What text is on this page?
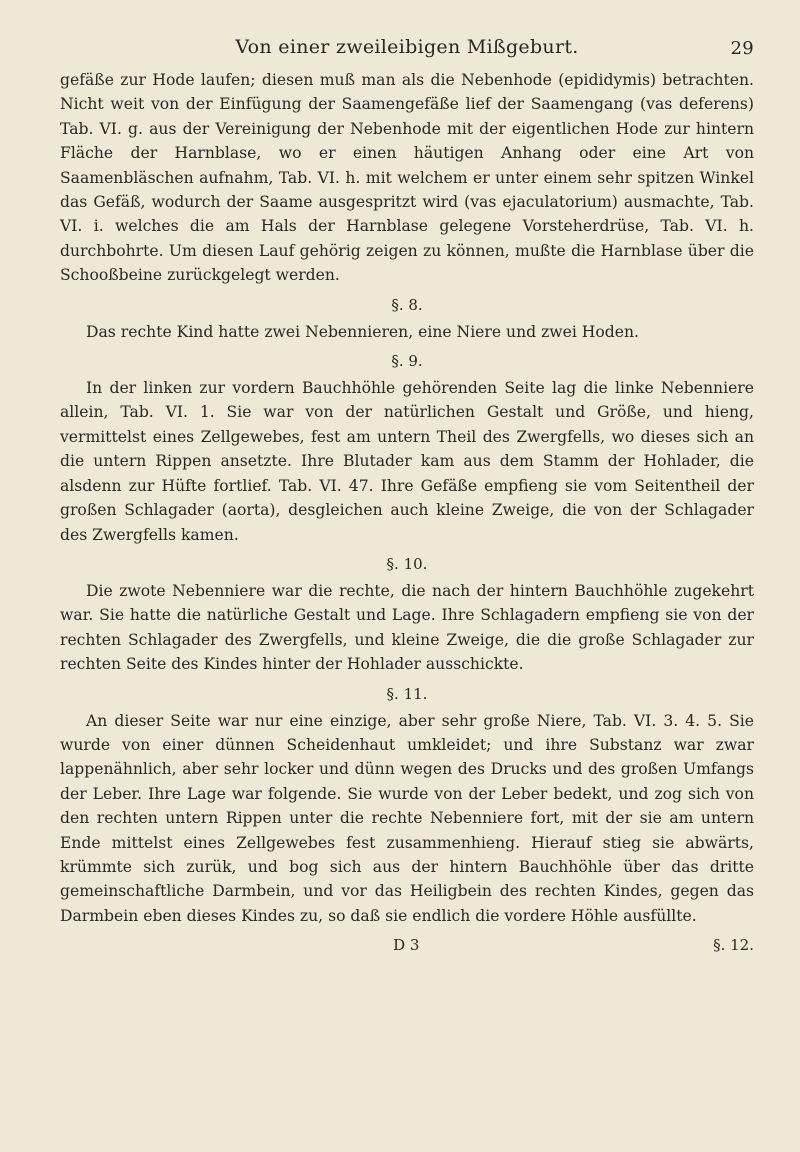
Von einer zweileibigen Mißgeburt.	29

gefäße zur Hode laufen; diesen muß man als die Nebenhode (epididymis) betrachten. Nicht weit von der Einfügung der Saamengefäße lief der Saamengang (vas deferens) Tab. VI. g. aus der Vereinigung der Nebenhode mit der eigentlichen Hode zur hintern Fläche der Harnblase, wo er einen häutigen Anhang oder eine Art von Saamenbläschen aufnahm, Tab. VI. h. mit welchem er unter einem sehr spitzen Winkel das Gefäß, wodurch der Saame ausgespritzt wird (vas ejaculatorium) ausmachte, Tab. VI. i. welches die am Hals der Harnblase gelegene Vorsteherdrüse, Tab. VI. h. durchbohrte. Um diesen Lauf gehörig zeigen zu können, mußte die Harnblase über die Schooßbeine zurückgelegt werden.

§. 8.

Das rechte Kind hatte zwei Nebennieren, eine Niere und zwei Hoden.

§. 9.

In der linken zur vordern Bauchhöhle gehörenden Seite lag die linke Nebenniere allein, Tab. VI. 1. Sie war von der natürlichen Gestalt und Größe, und hieng, vermittelst eines Zellgewebes, fest am untern Theil des Zwergfells, wo dieses sich an die untern Rippen ansetzte. Ihre Blutader kam aus dem Stamm der Hohlader, die alsdenn zur Hüfte fortlief. Tab. VI. 47. Ihre Gefäße empfieng sie vom Seitentheil der großen Schlagader (aorta), desgleichen auch kleine Zweige, die von der Schlagader des Zwergfells kamen.

§. 10.

Die zwote Nebenniere war die rechte, die nach der hintern Bauchhöhle zugekehrt war. Sie hatte die natürliche Gestalt und Lage. Ihre Schlagadern empfieng sie von der rechten Schlagader des Zwergfells, und kleine Zweige, die die große Schlagader zur rechten Seite des Kindes hinter der Hohlader ausschickte.

§. 11.

An dieser Seite war nur eine einzige, aber sehr große Niere, Tab. VI. 3. 4. 5. Sie wurde von einer dünnen Scheidenhaut umkleidet; und ihre Substanz war zwar lappenähnlich, aber sehr locker und dünn wegen des Drucks und des großen Umfangs der Leber. Ihre Lage war folgende. Sie wurde von der Leber bedekt, und zog sich von den rechten untern Rippen unter die rechte Nebenniere fort, mit der sie am untern Ende mittelst eines Zellgewebes fest zusammenhieng. Hierauf stieg sie abwärts, krümmte sich zurük, und bog sich aus der hintern Bauchhöhle über das dritte gemeinschaftliche Darmbein, und vor das Heiligbein des rechten Kindes, gegen das Darmbein eben dieses Kindes zu, so daß sie endlich die vordere Höhle ausfüllte.

D 3	§. 12.
